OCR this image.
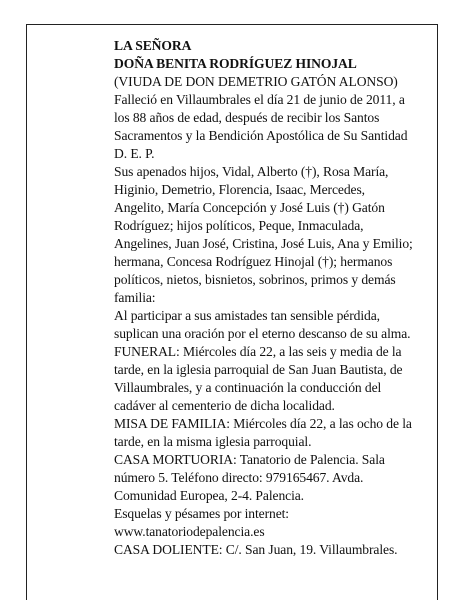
LA SEÑORA
DOÑA BENITA RODRÍGUEZ HINOJAL
(VIUDA DE DON DEMETRIO GATÓN ALONSO)
Falleció en Villaumbrales el día 21 de junio de 2011, a
los 88 años de edad, después de recibir los Santos
Sacramentos y la Bendición Apostólica de Su Santidad
D. E. P.
Sus apenados hijos, Vidal, Alberto (†), Rosa María,
Higinio, Demetrio, Florencia, Isaac, Mercedes,
Angelito, María Concepción y José Luis (†) Gatón
Rodríguez; hijos políticos, Peque, Inmaculada,
Angelines, Juan José, Cristina, José Luis, Ana y Emilio;
hermana, Concesa Rodríguez Hinojal (†); hermanos
políticos, nietos, bisnietos, sobrinos, primos y demás
familia:
Al participar a sus amistades tan sensible pérdida,
suplican una oración por el eterno descanso de su alma.
FUNERAL: Miércoles día 22, a las seis y media de la
tarde, en la iglesia parroquial de San Juan Bautista, de
Villaumbrales, y a continuación la conducción del
cadáver al cementerio de dicha localidad.
MISA DE FAMILIA: Miércoles día 22, a las ocho de la
tarde, en la misma iglesia parroquial.
CASA MORTUORIA: Tanatorio de Palencia. Sala
número 5. Teléfono directo: 979165467. Avda.
Comunidad Europea, 2-4. Palencia.
Esquelas y pésames por internet:
www.tanatoriodepalencia.es
CASA DOLIENTE: C/. San Juan, 19. Villaumbrales.
